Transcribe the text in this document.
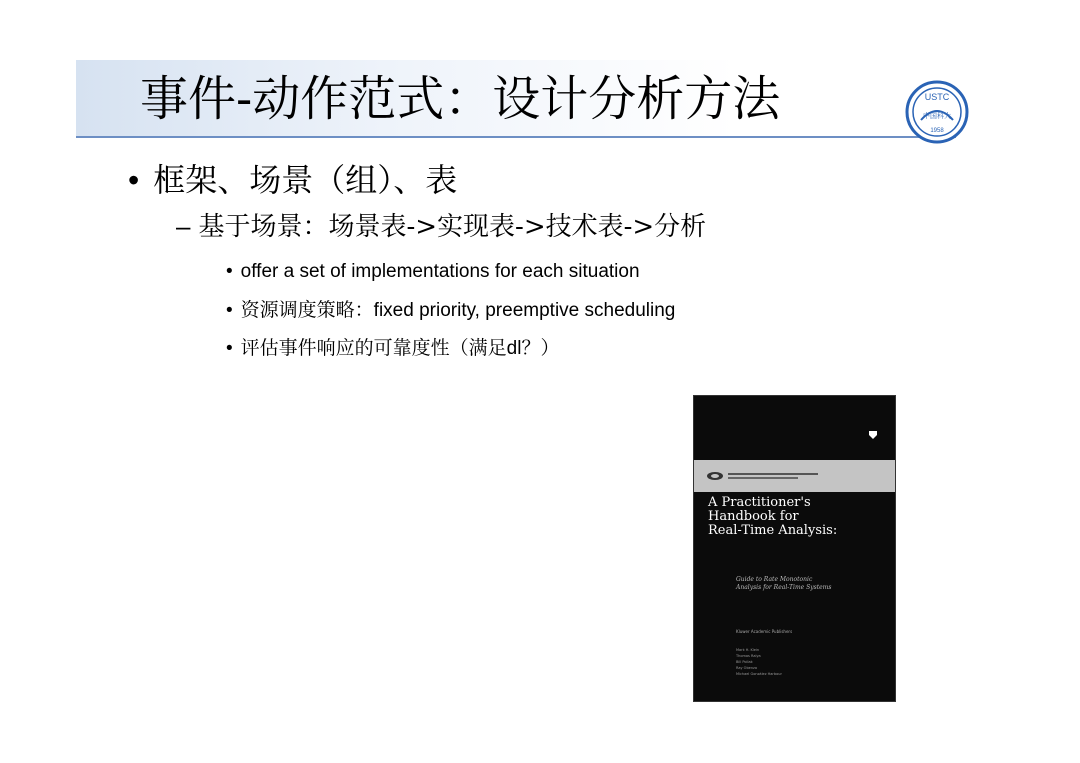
事件-动作范式：设计分析方法	USTC
中国科大
1958
• 框架、场景（组）、表
– 基于场景：场景表->实现表->技术表->分析
• offer a set of implementations for each situation
• 资源调度策略：fixed priority, preemptive scheduling
• 评估事件响应的可靠度性（满足dl？）
A Practitioner's
Handbook for
Real-Time Analysis:
Guide to Rate Monotonic
Analysis for Real-Time Systems
Kluwer Academic Publishers
Mark H. Klein
Thomas Ralya
Bill Pollak
Ray Obenza
Michael González Harbour
